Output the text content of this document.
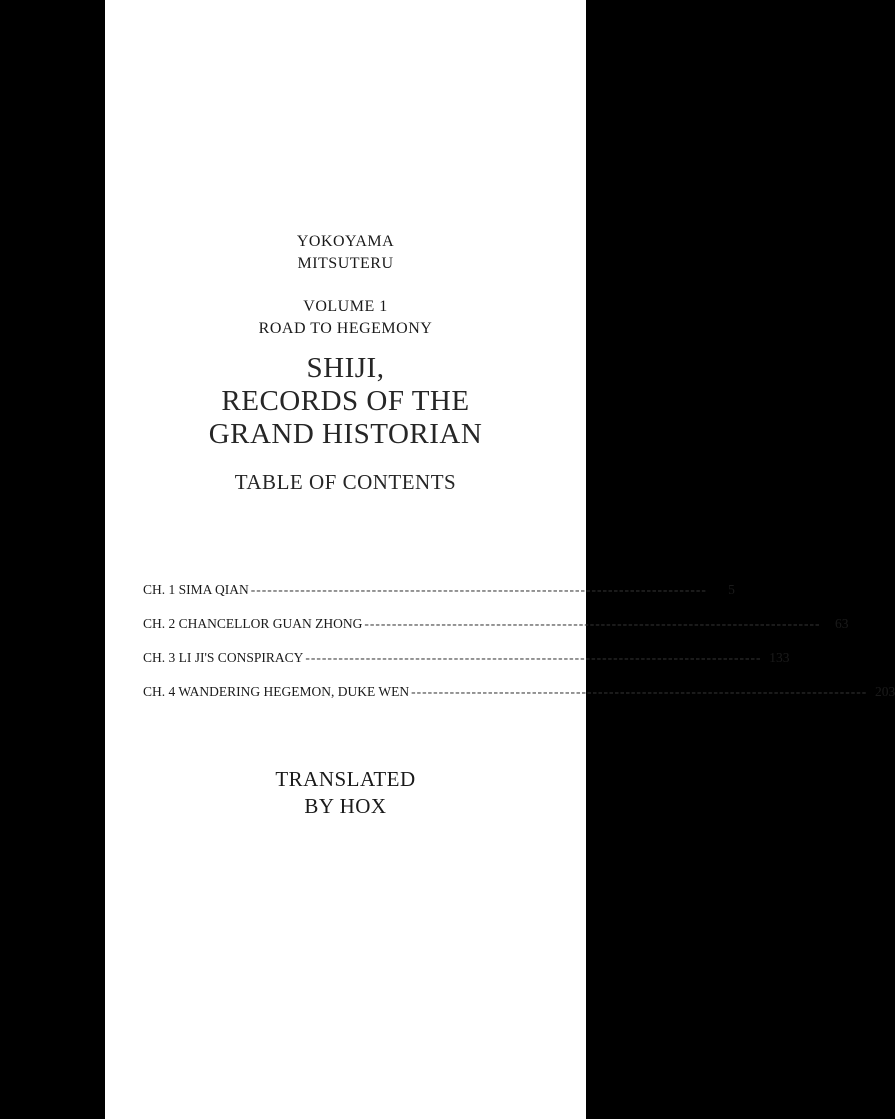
YOKOYAMA
MITSUTERU
VOLUME 1
ROAD TO HEGEMONY
SHIJI,
RECORDS OF THE
GRAND HISTORIAN
TABLE OF CONTENTS
CH. 1 SIMA QIAN -----------------------------------------------------------------------------------	5
CH. 2 CHANCELLOR GUAN ZHONG -----------------------------------------------------------------------------------	63
CH. 3 LI JI'S CONSPIRACY ----------------------------------------------------------------------------------- 133
CH. 4 WANDERING HEGEMON, DUKE WEN ----------------------------------------------------------------------------------- 203
TRANSLATED
BY HOX
